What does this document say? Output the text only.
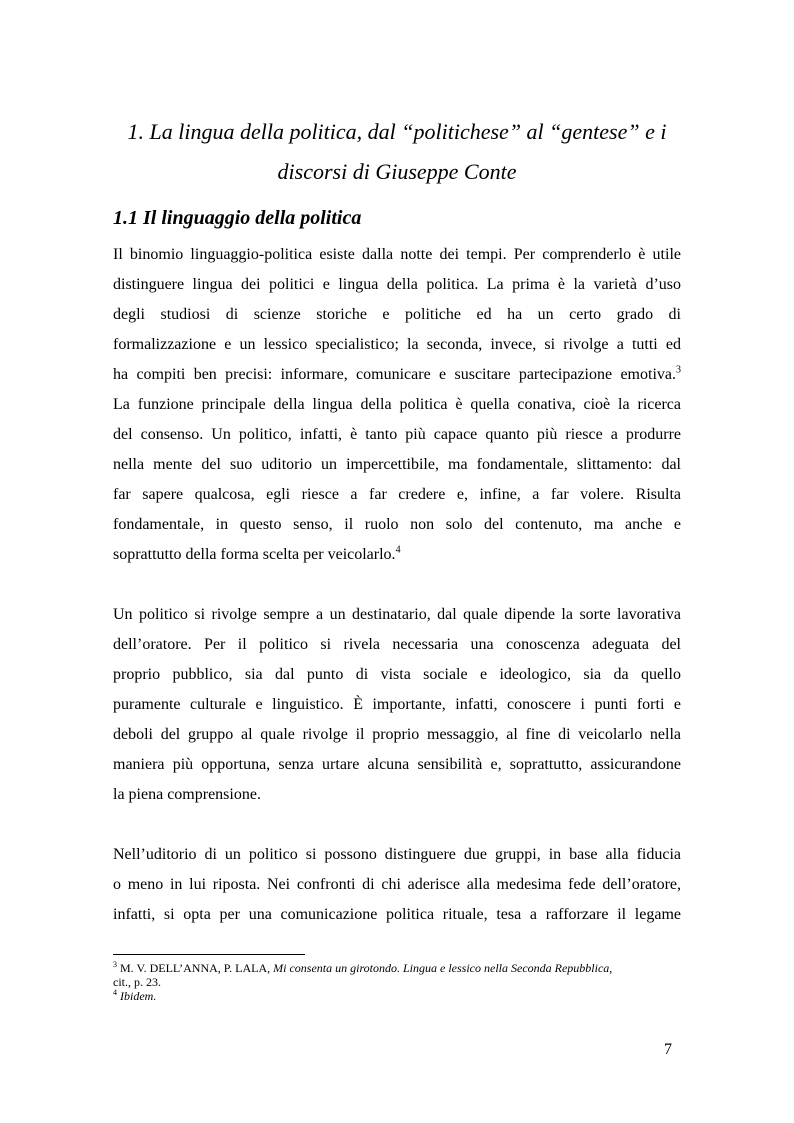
1. La lingua della politica, dal “politichese” al “gentese” e i
discorsi di Giuseppe Conte
1.1 Il linguaggio della politica
Il binomio linguaggio-politica esiste dalla notte dei tempi. Per comprenderlo è utile
distinguere lingua dei politici e lingua della politica. La prima è la varietà d’uso
degli studiosi di scienze storiche e politiche ed ha un certo grado di
formalizzazione e un lessico specialistico; la seconda, invece, si rivolge a tutti ed
ha compiti ben precisi: informare, comunicare e suscitare partecipazione emotiva.$^3$
La funzione principale della lingua della politica è quella conativa, cioè la ricerca
del consenso. Un politico, infatti, è tanto più capace quanto più riesce a produrre
nella mente del suo uditorio un impercettibile, ma fondamentale, slittamento: dal
far sapere qualcosa, egli riesce a far credere e, infine, a far volere. Risulta
fondamentale, in questo senso, il ruolo non solo del contenuto, ma anche e
soprattutto della forma scelta per veicolarlo.$^4$
Un politico si rivolge sempre a un destinatario, dal quale dipende la sorte lavorativa
dell’oratore. Per il politico si rivela necessaria una conoscenza adeguata del
proprio pubblico, sia dal punto di vista sociale e ideologico, sia da quello
puramente culturale e linguistico. È importante, infatti, conoscere i punti forti e
deboli del gruppo al quale rivolge il proprio messaggio, al fine di veicolarlo nella
maniera più opportuna, senza urtare alcuna sensibilità e, soprattutto, assicurandone
la piena comprensione.
Nell’uditorio di un politico si possono distinguere due gruppi, in base alla fiducia
o meno in lui riposta. Nei confronti di chi aderisce alla medesima fede dell’oratore,
infatti, si opta per una comunicazione politica rituale, tesa a rafforzare il legame

$^3$ M. V. DELL’ANNA, P. LALA, Mi consenta un girotondo. Lingua e lessico nella Seconda Repubblica,
cit., p. 23.

$^4$ Ibidem.

7
